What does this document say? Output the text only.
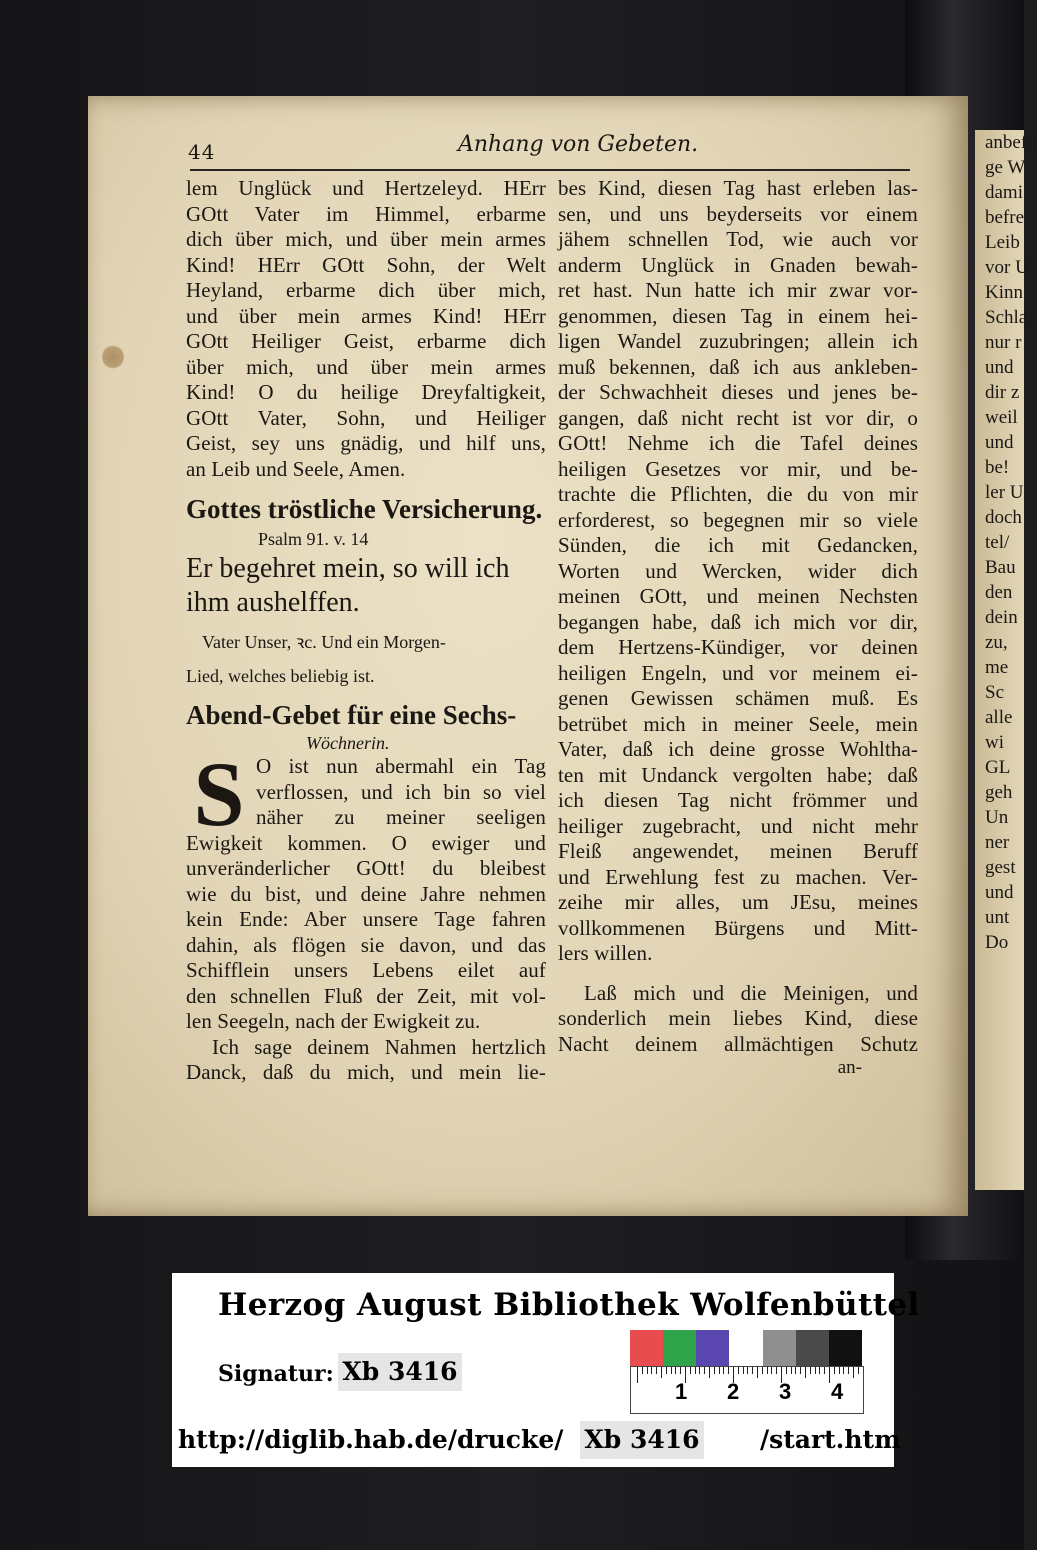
anbefo
ge W
dami
befre
Leib
vor U
Kinn
Schla
nur r
und
dir z
weil
und
be!
ler U
doch
tel/
Bau
den
dein
zu,
me
Sc
alle
wi
GL
geh
Un
ner
gest
und
unt
Do
44	Anhang von Gebeten.
lem Unglück und Hertzeleyd. HErr
GOtt Vater im Himmel, erbarme
dich über mich, und über mein armes
Kind! HErr GOtt Sohn, der Welt
Heyland, erbarme dich über mich,
und über mein armes Kind! HErr
GOtt Heiliger Geist, erbarme dich
über mich, und über mein armes
Kind! O du heilige Dreyfaltigkeit,
GOtt Vater, Sohn, und Heiliger
Geist, sey uns gnädig, und hilf uns,
an Leib und Seele, Amen.
Gottes tröstliche Versicherung.
Psalm 91. v. 14
Er begehret mein, so will ich
ihm aushelffen.
Vater Unser, ꝛc. Und ein Morgen-
Lied, welches beliebig ist.
Abend-Gebet für eine Sechs-
Wöchnerin.
S O ist nun abermahl ein Tag
verflossen, und ich bin so viel
näher zu meiner seeligen
Ewigkeit kommen. O ewiger und
unveränderlicher GOtt! du bleibest
wie du bist, und deine Jahre nehmen
kein Ende: Aber unsere Tage fahren
dahin, als flögen sie davon, und das
Schifflein unsers Lebens eilet auf
den schnellen Fluß der Zeit, mit vol-
len Seegeln, nach der Ewigkeit zu.
Ich sage deinem Nahmen hertzlich
Danck, daß du mich, und mein lie-
bes Kind, diesen Tag hast erleben las-
sen, und uns beyderseits vor einem
jähem schnellen Tod, wie auch vor
anderm Unglück in Gnaden bewah-
ret hast. Nun hatte ich mir zwar vor-
genommen, diesen Tag in einem hei-
ligen Wandel zuzubringen; allein ich
muß bekennen, daß ich aus ankleben-
der Schwachheit dieses und jenes be-
gangen, daß nicht recht ist vor dir, o
GOtt! Nehme ich die Tafel deines
heiligen Gesetzes vor mir, und be-
trachte die Pflichten, die du von mir
erforderest, so begegnen mir so viele
Sünden, die ich mit Gedancken,
Worten und Wercken, wider dich
meinen GOtt, und meinen Nechsten
begangen habe, daß ich mich vor dir,
dem Hertzens-Kündiger, vor deinen
heiligen Engeln, und vor meinem ei-
genen Gewissen schämen muß. Es
betrübet mich in meiner Seele, mein
Vater, daß ich deine grosse Wohltha-
ten mit Undanck vergolten habe; daß
ich diesen Tag nicht frömmer und
heiliger zugebracht, und nicht mehr
Fleiß angewendet, meinen Beruff
und Erwehlung fest zu machen. Ver-
zeihe mir alles, um JEsu, meines
vollkommenen Bürgens und Mitt-
lers willen.
Laß mich und die Meinigen, und
sonderlich mein liebes Kind, diese
Nacht deinem allmächtigen Schutz
an-
Herzog August Bibliothek Wolfenbüttel
Signatur: Xb 3416
1 2 3 4
http://diglib.hab.de/drucke/ Xb 3416 /start.htm
